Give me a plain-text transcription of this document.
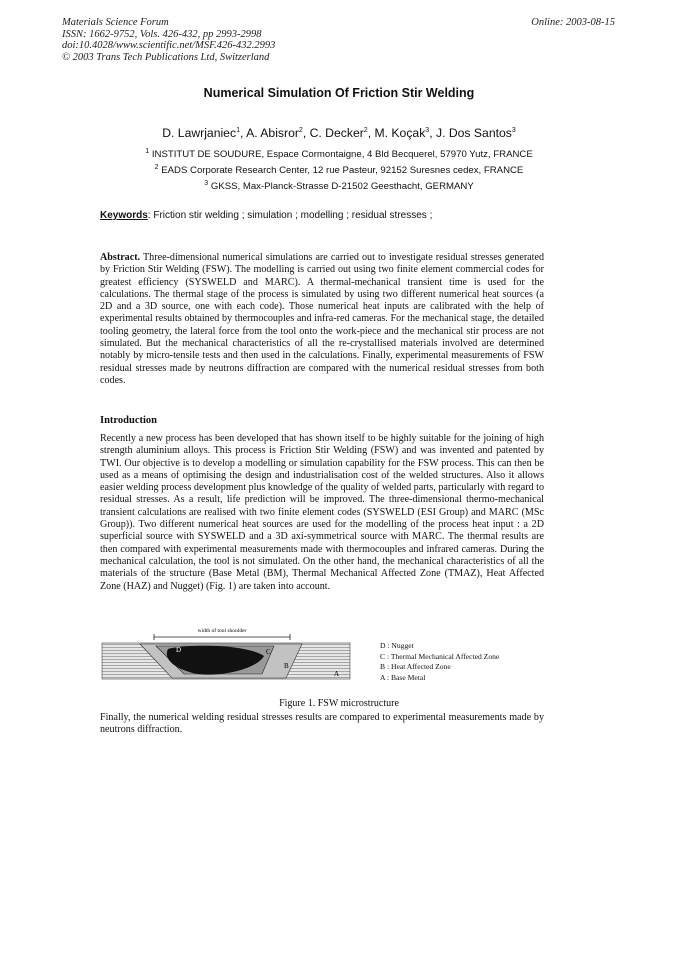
Materials Science Forum
ISSN: 1662-9752, Vols. 426-432, pp 2993-2998
doi:10.4028/www.scientific.net/MSF.426-432.2993
© 2003 Trans Tech Publications Ltd, Switzerland
Online: 2003-08-15
Numerical Simulation Of Friction Stir Welding
D. Lawrjaniec$^1$, A. Abisror$^2$, C. Decker$^2$, M. Koçak$^3$, J. Dos Santos$^3$
$^1$ INSTITUT DE SOUDURE, Espace Cormontaigne, 4 Bld Becquerel, 57970 Yutz, FRANCE
$^2$ EADS Corporate Research Center, 12 rue Pasteur, 92152 Suresnes cedex, FRANCE
$^3$ GKSS, Max-Planck-Strasse D-21502 Geesthacht, GERMANY
Keywords: Friction stir welding ; simulation ; modelling ; residual stresses ;
Abstract. Three-dimensional numerical simulations are carried out to investigate residual stresses generated by Friction Stir Welding (FSW). The modelling is carried out using two finite element commercial codes for greatest efficiency (SYSWELD and MARC). A thermal-mechanical transient time is used for the calculations. The thermal stage of the process is simulated by using two different numerical heat sources (a 2D and a 3D source, one with each code). Those numerical heat inputs are calibrated with the help of experimental results obtained by thermocouples and infra-red cameras. For the mechanical stage, the detailed tooling geometry, the lateral force from the tool onto the work-piece and the mechanical stir process are not simulated. But the mechanical characteristics of all the re-crystallised materials involved are determined notably by micro-tensile tests and then used in the calculations. Finally, experimental measurements of FSW residual stresses made by neutrons diffraction are compared with the numerical residual stresses from both codes.
Introduction
Recently a new process has been developed that has shown itself to be highly suitable for the joining of high strength aluminium alloys. This process is Friction Stir Welding (FSW) and was invented and patented by TWI. Our objective is to develop a modelling or simulation capability for the FSW process. This can then be used as a means of optimising the design and industrialisation cost of the welded structures. Also it allows easier welding process development plus knowledge of the quality of welded parts, particularly with regard to residual stresses. As a result, life prediction will be improved. The three-dimensional thermo-mechanical transient calculations are realised with two finite element codes (SYSWELD (ESI Group) and MARC (MSc Group)). Two different numerical heat sources are used for the modelling of the process heat input : a 2D superficial source with SYSWELD and a 3D axi-symmetrical source with MARC. The thermal results are then compared with experimental measurements made with thermocouples and infrared cameras. During the mechanical calculation, the tool is not simulated. On the other hand, the mechanical characteristics of all the materials of the structure (Base Metal (BM), Thermal Mechanical Affected Zone (TMAZ), Heat Affected Zone (HAZ) and Nugget) (Fig. 1) are taken into account.
width of tool shoulder
D	C
B
A
D : Nugget
C : Thermal Mechanical Affected Zone
B : Heat Affected Zone
A : Base Metal
Figure 1. FSW microstructure
Finally, the numerical welding residual stresses results are compared to experimental measurements made by neutrons diffraction.
